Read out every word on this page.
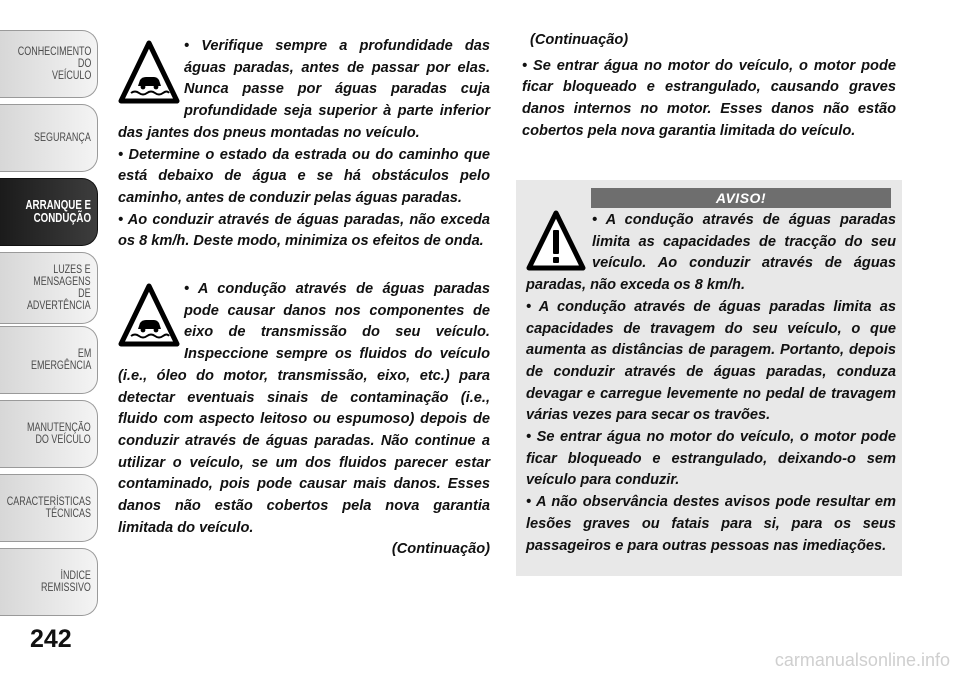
CONHECIMENTO
DO
VEÍCULO
SEGURANÇA
ARRANQUE E
CONDUÇÃO
LUZES E
MENSAGENS
DE
ADVERTÊNCIA
EM
EMERGÊNCIA
MANUTENÇÃO
DO VEÍCULO
CARACTERÍSTICAS
TÉCNICAS
ÍNDICE
REMISSIVO
242

• Verifique sempre a profundidade das águas paradas, antes de passar por elas. Nunca passe por águas paradas cuja profundidade seja superior à parte inferior das jantes dos pneus montadas no veículo.

• Determine o estado da estrada ou do caminho que está debaixo de água e se há obstáculos pelo caminho, antes de conduzir pelas águas paradas.

• Ao conduzir através de águas paradas, não exceda os 8 km/h. Deste modo, minimiza os efeitos de onda.

• A condução através de águas paradas pode causar danos nos componentes de eixo de transmissão do seu veículo. Inspeccione sempre os fluidos do veículo (i.e., óleo do motor, transmissão, eixo, etc.) para detectar eventuais sinais de contaminação (i.e., fluido com aspecto leitoso ou espumoso) depois de conduzir através de águas paradas. Não continue a utilizar o veículo, se um dos fluidos parecer estar contaminado, pois pode causar mais danos. Esses danos não estão cobertos pela nova garantia limitada do veículo.

(Continuação)

(Continuação)

• Se entrar água no motor do veículo, o motor pode ficar bloqueado e estrangulado, causando graves danos internos no motor. Esses danos não estão cobertos pela nova garantia limitada do veículo.

AVISO!

• A condução através de águas paradas limita as capacidades de tracção do seu veículo. Ao conduzir através de águas paradas, não exceda os 8 km/h.

• A condução através de águas paradas limita as capacidades de travagem do seu veículo, o que aumenta as distâncias de paragem. Portanto, depois de conduzir através de águas paradas, conduza devagar e carregue levemente no pedal de travagem várias vezes para secar os travões.

• Se entrar água no motor do veículo, o motor pode ficar bloqueado e estrangulado, deixando-o sem veículo para conduzir.

• A não observância destes avisos pode resultar em lesões graves ou fatais para si, para os seus passageiros e para outras pessoas nas imediações.

carmanualsonline.info
